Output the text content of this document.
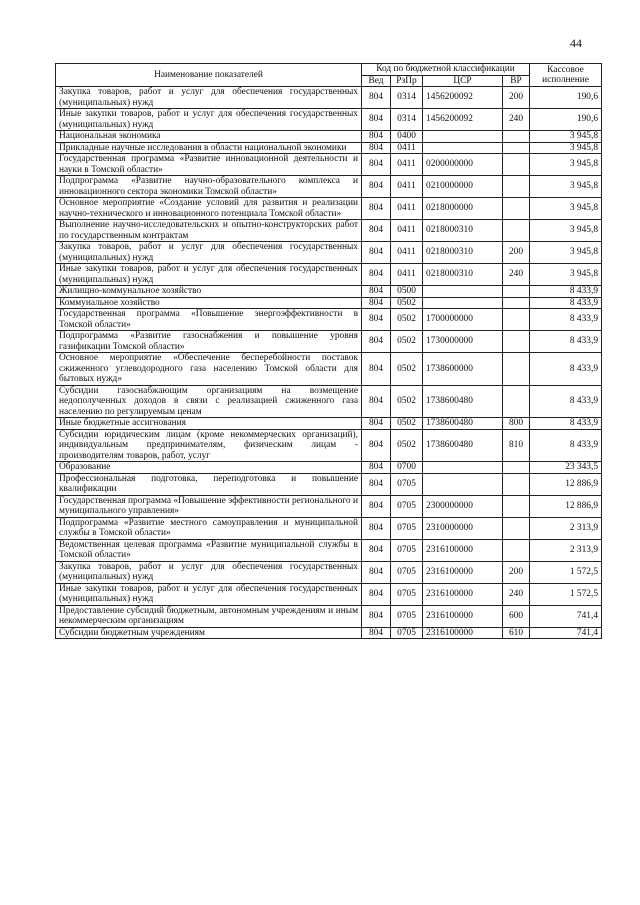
44
Наименование показателей	Код по бюджетной классификации				Кассовое исполнение
	Вед	РзПр	ЦСР	ВР	
Закупка товаров, работ и услуг для обеспечения государственных (муниципальных) нужд	804	0314	1456200092	200	190,6
Иные закупки товаров, работ и услуг для обеспечения государственных (муниципальных) нужд	804	0314	1456200092	240	190,6
Национальная экономика	804	0400			3 945,8
Прикладные научные исследования в области национальной экономики	804	0411			3 945,8
Государственная программа «Развитие инновационной деятельности и науки в Томской области»	804	0411	0200000000		3 945,8
Подпрограмма «Развитие научно-образовательного комплекса и инновационного сектора экономики Томской области»	804	0411	0210000000		3 945,8
Основное мероприятие «Создание условий для развития и реализации научно-технического и инновационного потенциала Томской области»	804	0411	0218000000		3 945,8
Выполнение научно-исследовательских и опытно-конструкторских работ по государственным контрактам	804	0411	0218000310		3 945,8
Закупка товаров, работ и услуг для обеспечения государственных (муниципальных) нужд	804	0411	0218000310	200	3 945,8
Иные закупки товаров, работ и услуг для обеспечения государственных (муниципальных) нужд	804	0411	0218000310	240	3 945,8
Жилищно-коммунальное хозяйство	804	0500			8 433,9
Коммунальное хозяйство	804	0502			8 433,9
Государственная программа «Повышение энергоэффективности в Томской области»	804	0502	1700000000		8 433,9
Подпрограмма «Развитие газоснабжения и повышение уровня газификации Томской области»	804	0502	1730000000		8 433,9
Основное мероприятие «Обеспечение бесперебойности поставок сжиженного углеводородного газа населению Томской области для бытовых нужд»	804	0502	1738600000		8 433,9
Субсидии газоснабжающим организациям на возмещение недополученных доходов в связи с реализацией сжиженного газа населению по регулируемым ценам	804	0502	1738600480		8 433,9
Иные бюджетные ассигнования	804	0502	1738600480	800	8 433,9
Субсидии юридическим лицам (кроме некоммерческих организаций), индивидуальным предпринимателям, физическим лицам - производителям товаров, работ, услуг	804	0502	1738600480	810	8 433,9
Образование	804	0700			23 343,5
Профессиональная подготовка, переподготовка и повышение квалификации	804	0705			12 886,9
Государственная программа «Повышение эффективности регионального и муниципального управления»	804	0705	2300000000		12 886,9
Подпрограмма «Развитие местного самоуправления и муниципальной службы в Томской области»	804	0705	2310000000		2 313,9
Ведомственная целевая программа «Развитие муниципальной службы в Томской области»	804	0705	2316100000		2 313,9
Закупка товаров, работ и услуг для обеспечения государственных (муниципальных) нужд	804	0705	2316100000	200	1 572,5
Иные закупки товаров, работ и услуг для обеспечения государственных (муниципальных) нужд	804	0705	2316100000	240	1 572,5
Предоставление субсидий бюджетным, автономным учреждениям и иным некоммерческим организациям	804	0705	2316100000	600	741,4
Субсидии бюджетным учреждениям	804	0705	2316100000	610	741,4
